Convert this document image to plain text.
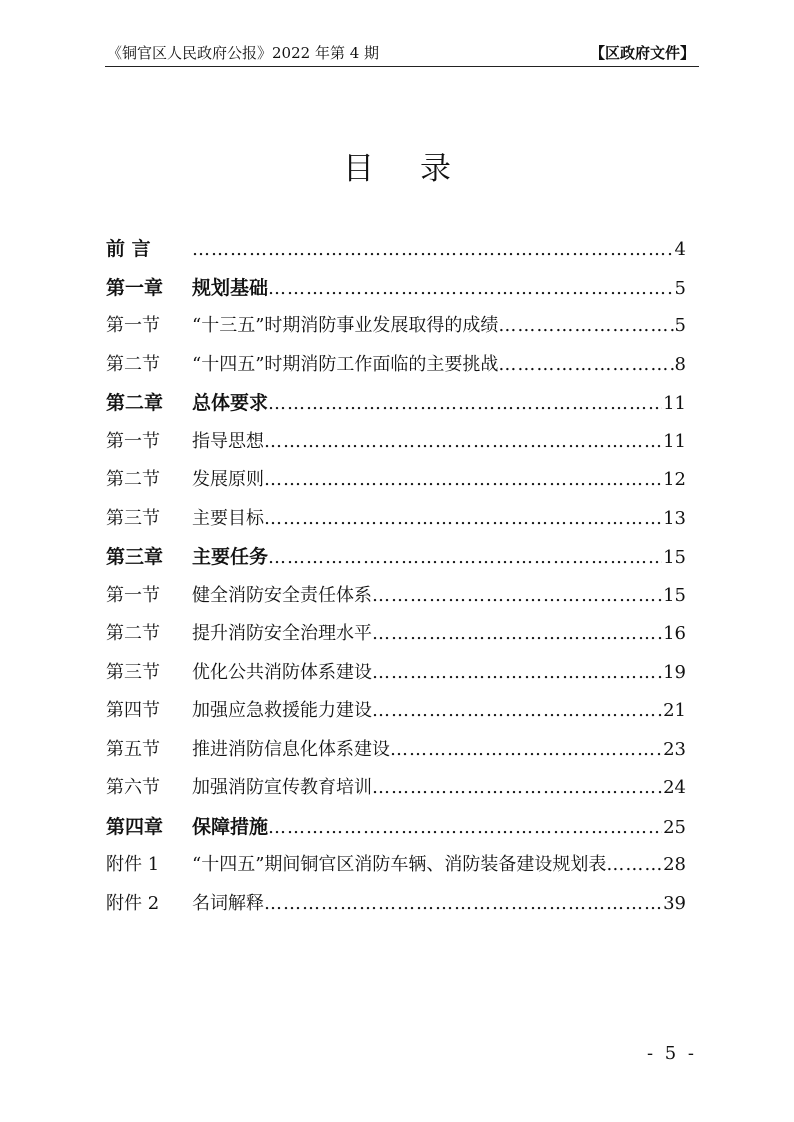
《铜官区人民政府公报》2022 年第 4 期	【区政府文件】
目 录
前 言 …………………………………………………………………………………………………………………………	4
第一章	规划基础 …………………………………………………………………………………………………………………………	5
第一节	“十三五”时期消防事业发展取得的成绩 …………………………………………………………………………………………………………………………	5
第二节	“十四五”时期消防工作面临的主要挑战 …………………………………………………………………………………………………………………………	8
第二章	总体要求 …………………………………………………………………………………………………………………………	11
第一节	指导思想 …………………………………………………………………………………………………………………………	11
第二节	发展原则 …………………………………………………………………………………………………………………………	12
第三节	主要目标 …………………………………………………………………………………………………………………………	13
第三章	主要任务 …………………………………………………………………………………………………………………………	15
第一节	健全消防安全责任体系 …………………………………………………………………………………………………………………………	15
第二节	提升消防安全治理水平 …………………………………………………………………………………………………………………………	16
第三节	优化公共消防体系建设 …………………………………………………………………………………………………………………………	19
第四节	加强应急救援能力建设 …………………………………………………………………………………………………………………………	21
第五节	推进消防信息化体系建设 …………………………………………………………………………………………………………………………	23
第六节	加强消防宣传教育培训 …………………………………………………………………………………………………………………………	24
第四章	保障措施 …………………………………………………………………………………………………………………………	25
附件 1	“十四五”期间铜官区消防车辆、消防装备建设规划表 …………………………………………………………………………………………………………………………	28
附件 2	名词解释 …………………………………………………………………………………………………………………………	39
- 5 -
